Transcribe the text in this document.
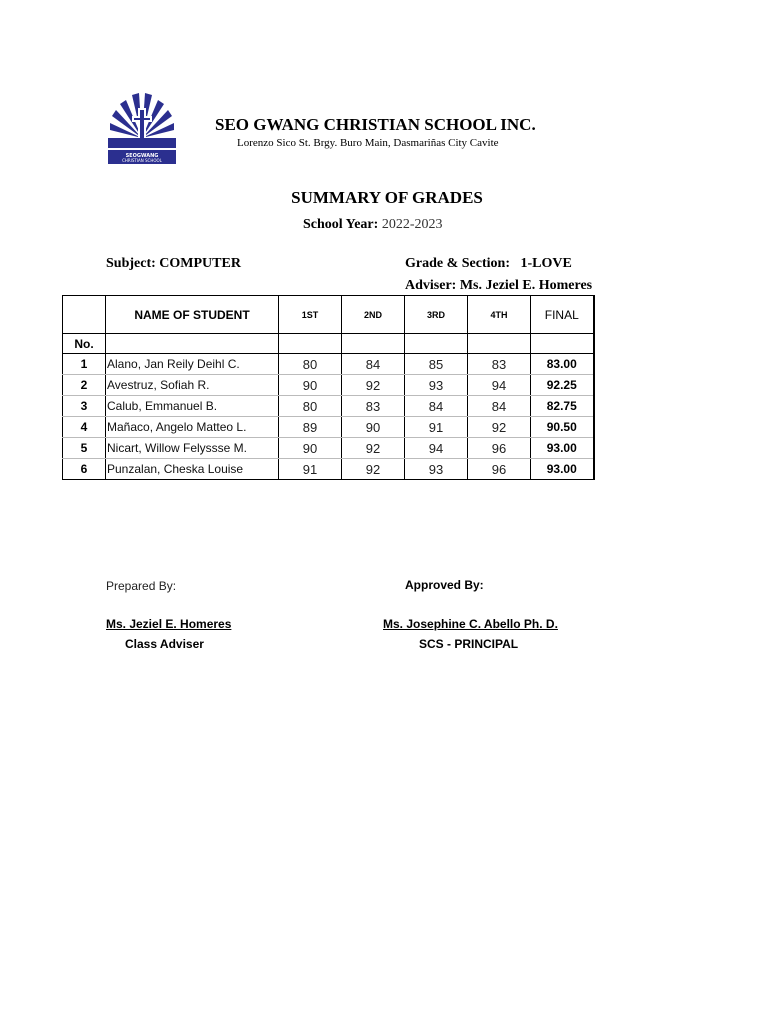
SEOGWANG
CHRISTIAN SCHOOL
SEO GWANG CHRISTIAN SCHOOL INC.
Lorenzo Sico St. Brgy. Buro Main, Dasmariñas City Cavite
SUMMARY OF GRADES
School Year: 2022-2023
Subject: COMPUTER	Grade & Section: 1-LOVE
Adviser: Ms. Jeziel E. Homeres
	NAME OF STUDENT	1ST	2ND	3RD	4TH	FINAL
No.						
1	Alano, Jan Reily Deihl C.	80	84	85	83	83.00
2	Avestruz, Sofiah R.	90	92	93	94	92.25
3	Calub, Emmanuel B.	80	83	84	84	82.75
4	Mañaco, Angelo Matteo L.	89	90	91	92	90.50
5	Nicart, Willow Felyssse M.	90	92	94	96	93.00
6	Punzalan, Cheska Louise	91	92	93	96	93.00
Prepared By:	Approved By:
Ms. Jeziel E. Homeres
Class Adviser
Ms. Josephine C. Abello Ph. D.
SCS - PRINCIPAL
